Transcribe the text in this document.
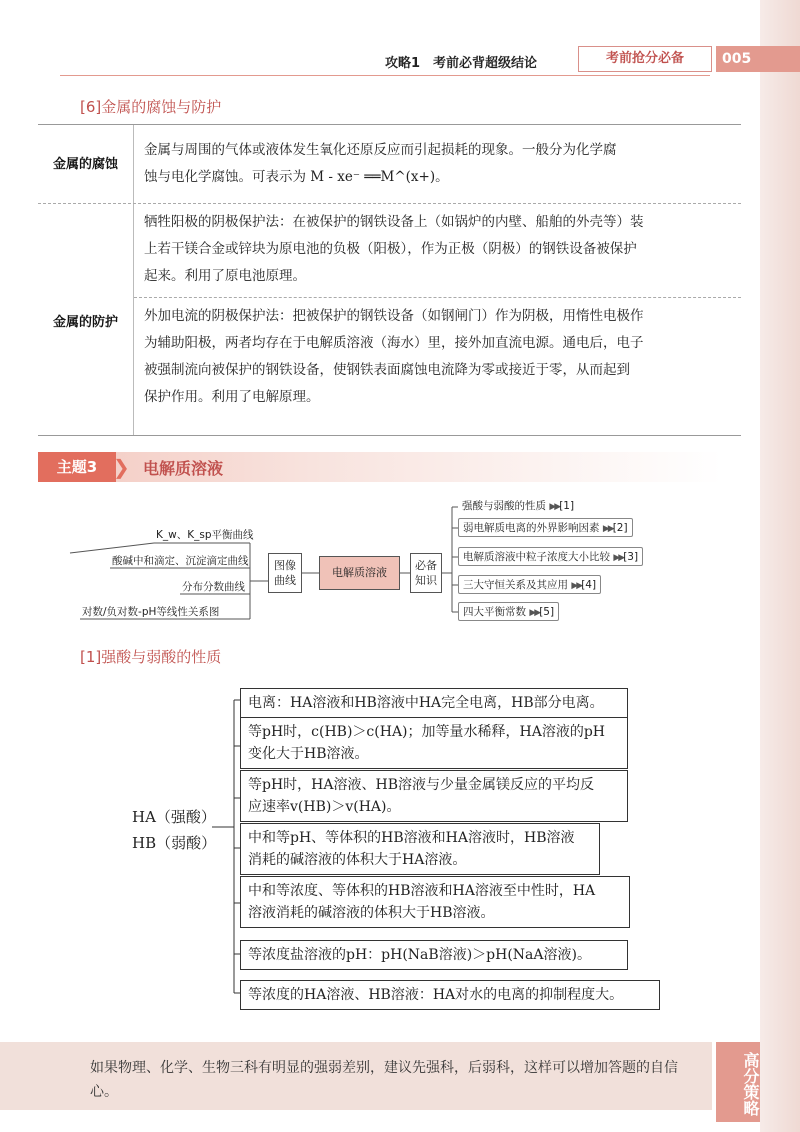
攻略1　考前必背超级结论	考前抢分必备	005
[6]金属的腐蚀与防护
金属的腐蚀
金属与周围的气体或液体发生氧化还原反应而引起损耗的现象。一般分为化学腐
蚀与电化学腐蚀。可表示为 M - xe⁻ ══M^(x+)。
金属的防护
牺牲阳极的阴极保护法：在被保护的钢铁设备上（如锅炉的内壁、船舶的外壳等）装
上若干镁合金或锌块为原电池的负极（阳极），作为正极（阴极）的钢铁设备被保护
起来。利用了原电池原理。
外加电流的阴极保护法：把被保护的钢铁设备（如钢闸门）作为阴极，用惰性电极作
为辅助阳极，两者均存在于电解质溶液（海水）里，接外加直流电源。通电后，电子
被强制流向被保护的钢铁设备，使钢铁表面腐蚀电流降为零或接近于零，从而起到
保护作用。利用了电解原理。
主题3 ❯ 电解质溶液
K_w、K_sp平衡曲线
酸碱中和滴定、沉淀滴定曲线
分布分数曲线
对数/负对数-pH等线性关系图
图像
曲线
电解质溶液
必备
知识
强酸与弱酸的性质 ▶▶[1]
弱电解质电离的外界影响因素 ▶▶[2]
电解质溶液中粒子浓度大小比较 ▶▶[3]
三大守恒关系及其应用 ▶▶[4]
四大平衡常数 ▶▶[5]
[1]强酸与弱酸的性质
HA（强酸）
HB（弱酸）
电离：HA溶液和HB溶液中HA完全电离，HB部分电离。
等pH时，c(HB)＞c(HA)；加等量水稀释，HA溶液的pH
变化大于HB溶液。
等pH时，HA溶液、HB溶液与少量金属镁反应的平均反
应速率v(HB)＞v(HA)。
中和等pH、等体积的HB溶液和HA溶液时，HB溶液
消耗的碱溶液的体积大于HA溶液。
中和等浓度、等体积的HB溶液和HA溶液至中性时，HA
溶液消耗的碱溶液的体积大于HB溶液。
等浓度盐溶液的pH：pH(NaB溶液)＞pH(NaA溶液)。
等浓度的HA溶液、HB溶液：HA对水的电离的抑制程度大。
如果物理、化学、生物三科有明显的强弱差别，建议先强科，后弱科，这样可以增加答题的自信心。	高分策略
